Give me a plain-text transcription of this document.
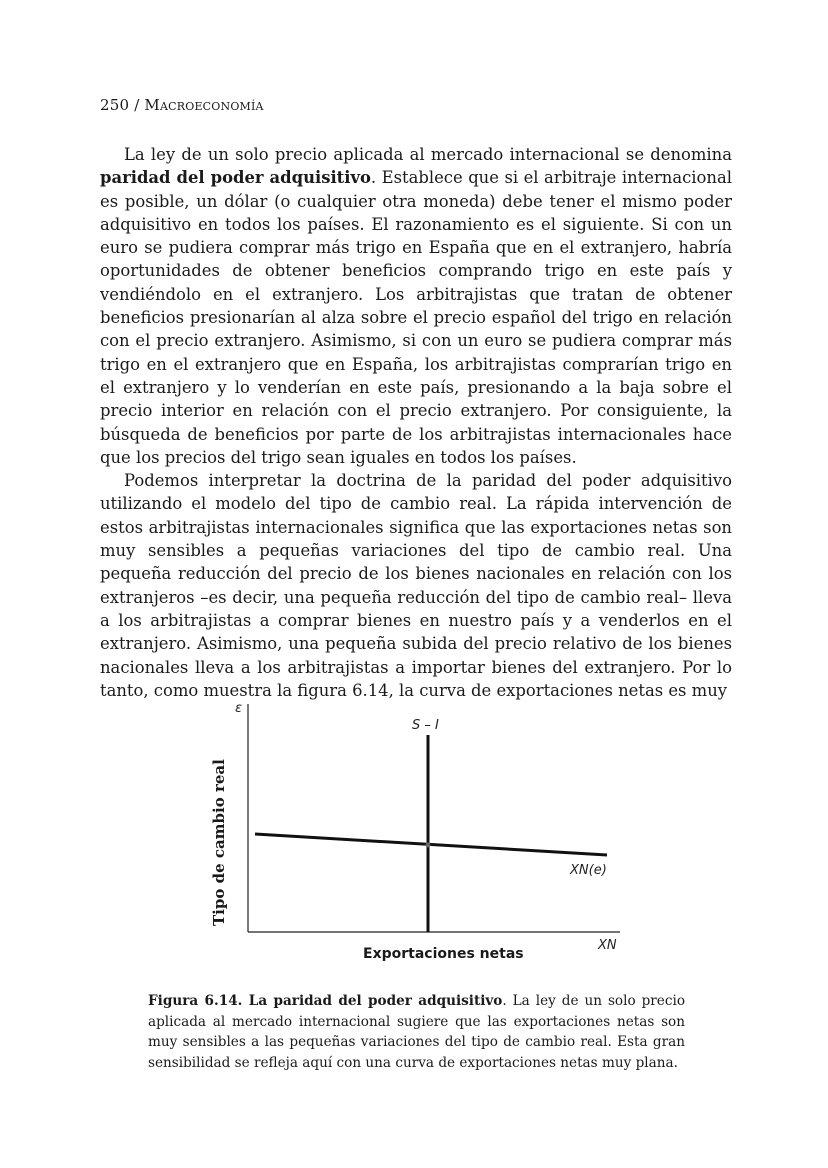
250 / Macroeconomía

La ley de un solo precio aplicada al mercado internacional se denomina paridad del poder adquisitivo. Establece que si el arbitraje internacional es posible, un dólar (o cualquier otra moneda) debe tener el mismo poder adquisitivo en todos los países. El razonamiento es el siguiente. Si con un euro se pudiera comprar más trigo en España que en el extranjero, habría oportunidades de obtener beneficios comprando trigo en este país y vendiéndolo en el extranjero. Los arbitrajistas que tratan de obtener beneficios presionarían al alza sobre el precio español del trigo en relación con el precio extranjero. Asimismo, si con un euro se pudiera comprar más trigo en el extranjero que en España, los arbitrajistas comprarían trigo en el extranjero y lo venderían en este país, presionando a la baja sobre el precio interior en relación con el precio extranjero. Por consiguiente, la búsqueda de beneficios por parte de los arbitrajistas internacionales hace que los precios del trigo sean iguales en todos los países.

Podemos interpretar la doctrina de la paridad del poder adquisitivo utilizando el modelo del tipo de cambio real. La rápida intervención de estos arbitrajistas internacionales significa que las exportaciones netas son muy sensibles a pequeñas variaciones del tipo de cambio real. Una pequeña reducción del precio de los bienes nacionales en relación con los extranjeros –es decir, una pequeña reducción del tipo de cambio real– lleva a los arbitrajistas a comprar bienes en nuestro país y a venderlos en el extranjero. Asimismo, una pequeña subida del precio relativo de los bienes nacionales lleva a los arbitrajistas a importar bienes del extranjero. Por lo tanto, como muestra la figura 6.14, la curva de exportaciones netas es muy

ε
S – I
XN(e)
XN
Tipo de cambio real
Exportaciones netas
Figura 6.14. La paridad del poder adquisitivo. La ley de un solo precio aplicada al mercado internacional sugiere que las exportaciones netas son muy sensibles a las pequeñas variaciones del tipo de cambio real. Esta gran sensibilidad se refleja aquí con una curva de exportaciones netas muy plana.
